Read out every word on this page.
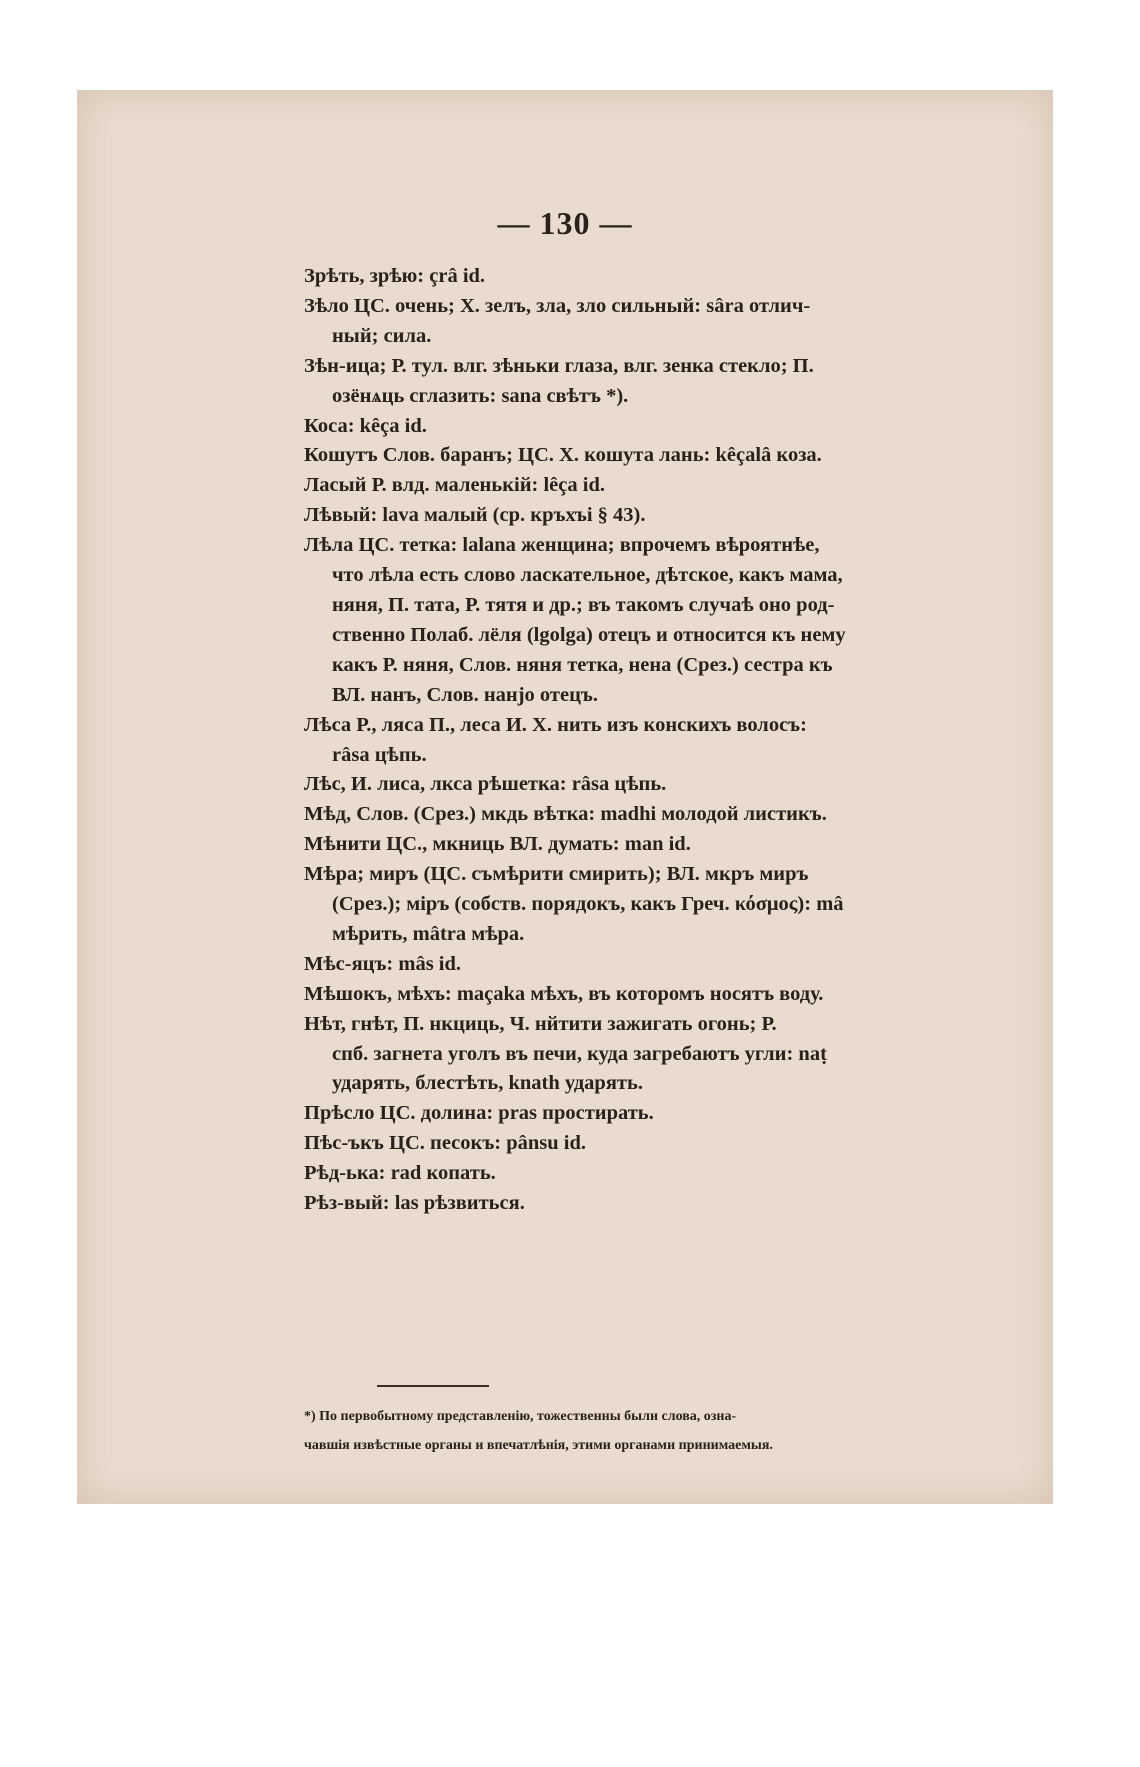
— 130 —
Зрѣть, зрѣю: çrâ id.
Зѣло ЦС. очень; Х. зелъ, зла, зло сильный: sâra отлич-
ный; сила.
Зѣн-ица; Р. тул. влг. зѣньки глаза, влг. зенка стекло; П.
озёнѧць сглазить: sana свѣтъ *).
Коса: kêça id.
Кошутъ Слов. баранъ; ЦС. Х. кошута лань: kêçalâ коза.
Ласый Р. влд. маленькій: lêça id.
Лѣвый: lava малый (ср. кръхъі § 43).
Лѣла ЦС. тетка: lalana женщина; впрочемъ вѣроятнѣе,
что лѣла есть слово ласкательное, дѣтское, какъ мама,
няня, П. тата, Р. тятя и др.; въ такомъ случаѣ оно род-
ственно Полаб. лёля (lgolga) отецъ и относится къ нему
какъ Р. няня, Слов. няня тетка, нена (Срез.) сестра къ
ВЛ. нанъ, Слов. нанјо отецъ.
Лѣса Р., ляса П., леса И. Х. нить изъ конскихъ волосъ:
râsa цѣпь.
Лѣс, И. лиса, лкса рѣшетка: râsa цѣпь.
Мѣд, Слов. (Срез.) мкдь вѣтка: madhi молодой листикъ.
Мѣнити ЦС., мкниць ВЛ. думать: man id.
Мѣра; миръ (ЦС. съмѣрити смирить); ВЛ. мкръ миръ
(Срез.); міръ (собств. порядокъ, какъ Греч. κόσμος): mâ
мѣрить, mâtra мѣра.
Мѣс-яцъ: mâs id.
Мѣшокъ, мѣхъ: maçaka мѣхъ, въ которомъ носятъ воду.
Нѣт, гнѣт, П. нкциць, Ч. нйтити зажигать огонь; Р.
спб. загнета уголъ въ печи, куда загребаютъ угли: naṭ
ударять, блестѣть, knath ударять.
Прѣсло ЦС. долина: pras простирать.
Пѣс-ъкъ ЦС. песокъ: pânsu id.
Рѣд-ька: rad копать.
Рѣз-вый: las рѣзвиться.
*) По первобытному представленію, тожественны были слова, озна-
чавшія извѣстные органы и впечатлѣнія, этими органами принимаемыя.
